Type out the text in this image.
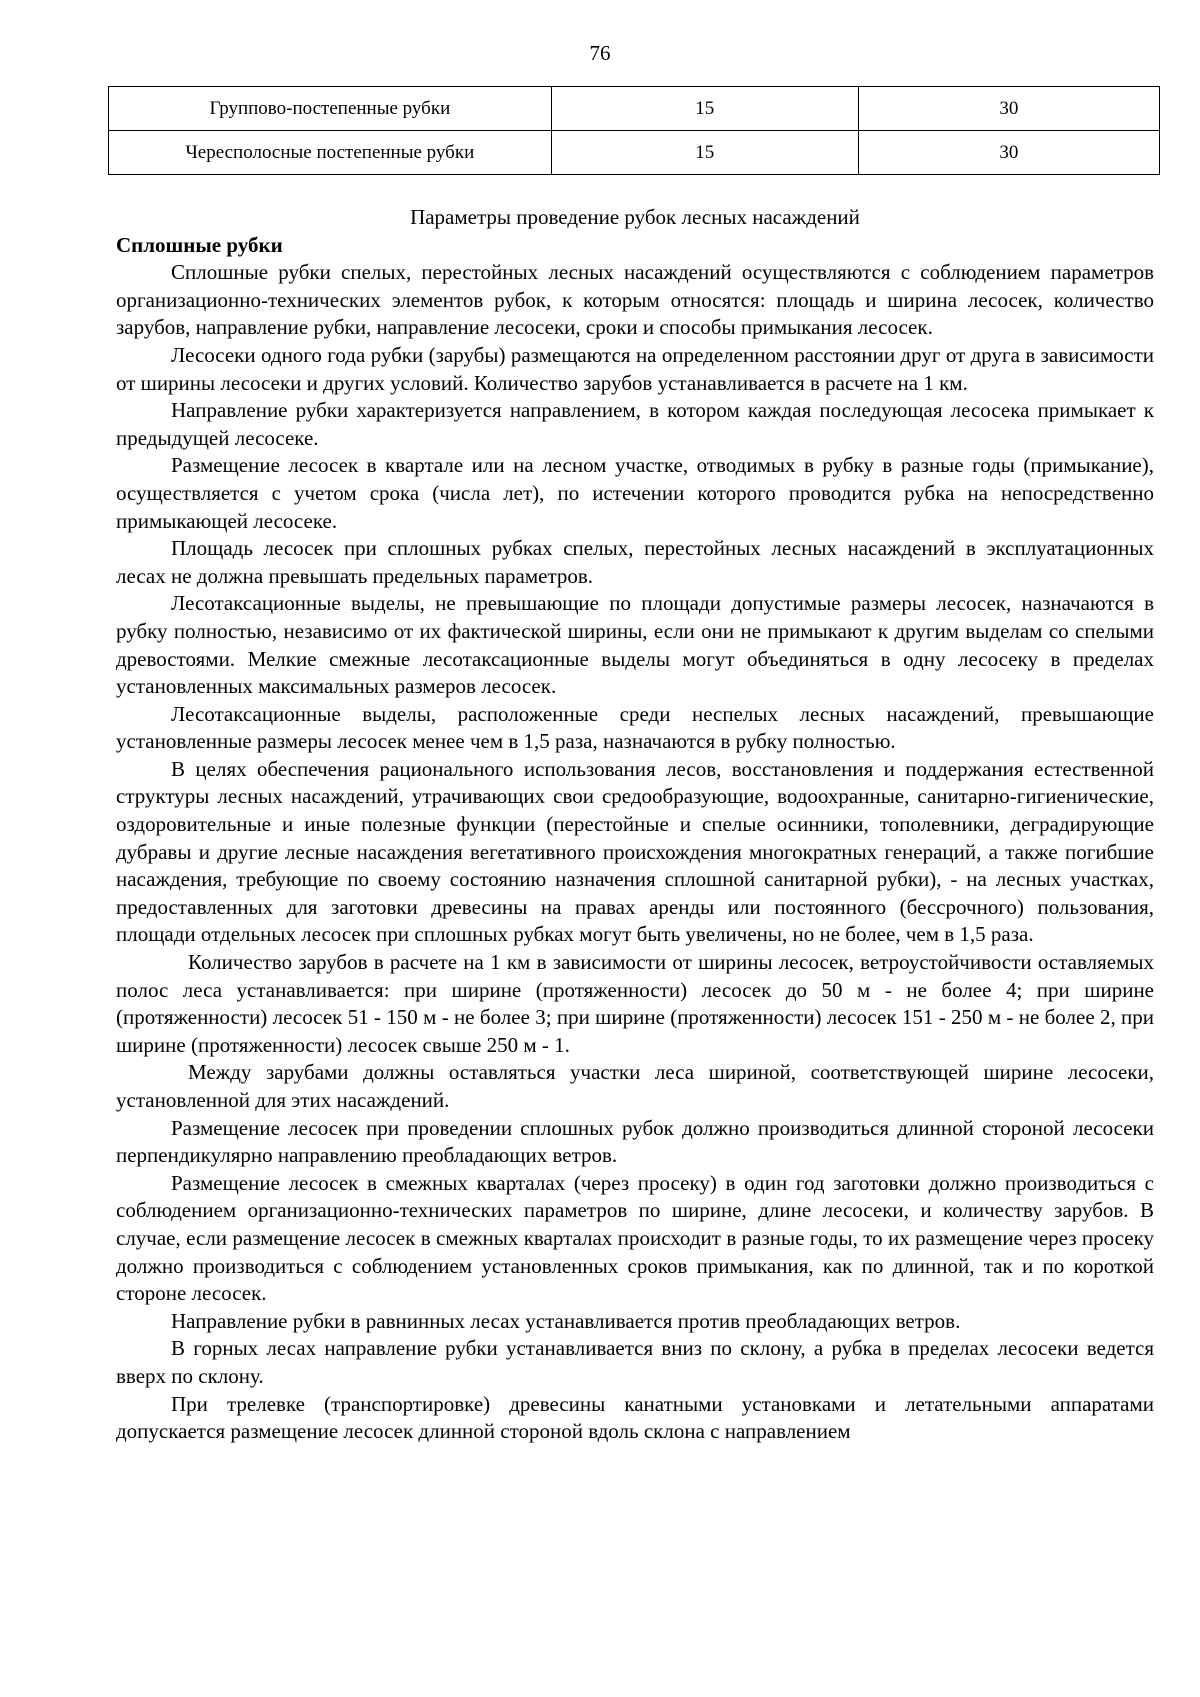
76
Группово-постепенные рубки	15	30
Чересполосные постепенные рубки	15	30

Параметры проведение рубок лесных насаждений

Сплошные рубки

Сплошные рубки спелых, перестойных лесных насаждений осуществляются с соблюдением параметров организационно-технических элементов рубок, к которым относятся: площадь и ширина лесосек, количество зарубов, направление рубки, направление лесосеки, сроки и способы примыкания лесосек.

Лесосеки одного года рубки (зарубы) размещаются на определенном расстоянии друг от друга в зависимости от ширины лесосеки и других условий. Количество зарубов устанавливается в расчете на 1 км.

Направление рубки характеризуется направлением, в котором каждая последующая лесосека примыкает к предыдущей лесосеке.

Размещение лесосек в квартале или на лесном участке, отводимых в рубку в разные годы (примыкание), осуществляется с учетом срока (числа лет), по истечении которого проводится рубка на непосредственно примыкающей лесосеке.

Площадь лесосек при сплошных рубках спелых, перестойных лесных насаждений в эксплуатационных лесах не должна превышать предельных параметров.

Лесотаксационные выделы, не превышающие по площади допустимые размеры лесосек, назначаются в рубку полностью, независимо от их фактической ширины, если они не примыкают к другим выделам со спелыми древостоями. Мелкие смежные лесотаксационные выделы могут объединяться в одну лесосеку в пределах установленных максимальных размеров лесосек.

Лесотаксационные выделы, расположенные среди неспелых лесных насаждений, превышающие установленные размеры лесосек менее чем в 1,5 раза, назначаются в рубку полностью.

В целях обеспечения рационального использования лесов, восстановления и поддержания естественной структуры лесных насаждений, утрачивающих свои средообразующие, водоохранные, санитарно-гигиенические, оздоровительные и иные полезные функции (перестойные и спелые осинники, тополевники, деградирующие дубравы и другие лесные насаждения вегетативного происхождения многократных генераций, а также погибшие насаждения, требующие по своему состоянию назначения сплошной санитарной рубки), - на лесных участках, предоставленных для заготовки древесины на правах аренды или постоянного (бессрочного) пользования, площади отдельных лесосек при сплошных рубках могут быть увеличены, но не более, чем в 1,5 раза.

Количество зарубов в расчете на 1 км в зависимости от ширины лесосек, ветроустойчивости оставляемых полос леса устанавливается: при ширине (протяженности) лесосек до 50 м - не более 4; при ширине (протяженности) лесосек 51 - 150 м - не более 3; при ширине (протяженности) лесосек 151 - 250 м - не более 2, при ширине (протяженности) лесосек свыше 250 м - 1.

Между зарубами должны оставляться участки леса шириной, соответствующей ширине лесосеки, установленной для этих насаждений.

Размещение лесосек при проведении сплошных рубок должно производиться длинной стороной лесосеки перпендикулярно направлению преобладающих ветров.

Размещение лесосек в смежных кварталах (через просеку) в один год заготовки должно производиться с соблюдением организационно-технических параметров по ширине, длине лесосеки, и количеству зарубов. В случае, если размещение лесосек в смежных кварталах происходит в разные годы, то их размещение через просеку должно производиться с соблюдением установленных сроков примыкания, как по длинной, так и по короткой стороне лесосек.

Направление рубки в равнинных лесах устанавливается против преобладающих ветров.

В горных лесах направление рубки устанавливается вниз по склону, а рубка в пределах лесосеки ведется вверх по склону.

При трелевке (транспортировке) древесины канатными установками и летательными аппаратами допускается размещение лесосек длинной стороной вдоль склона с направлением
